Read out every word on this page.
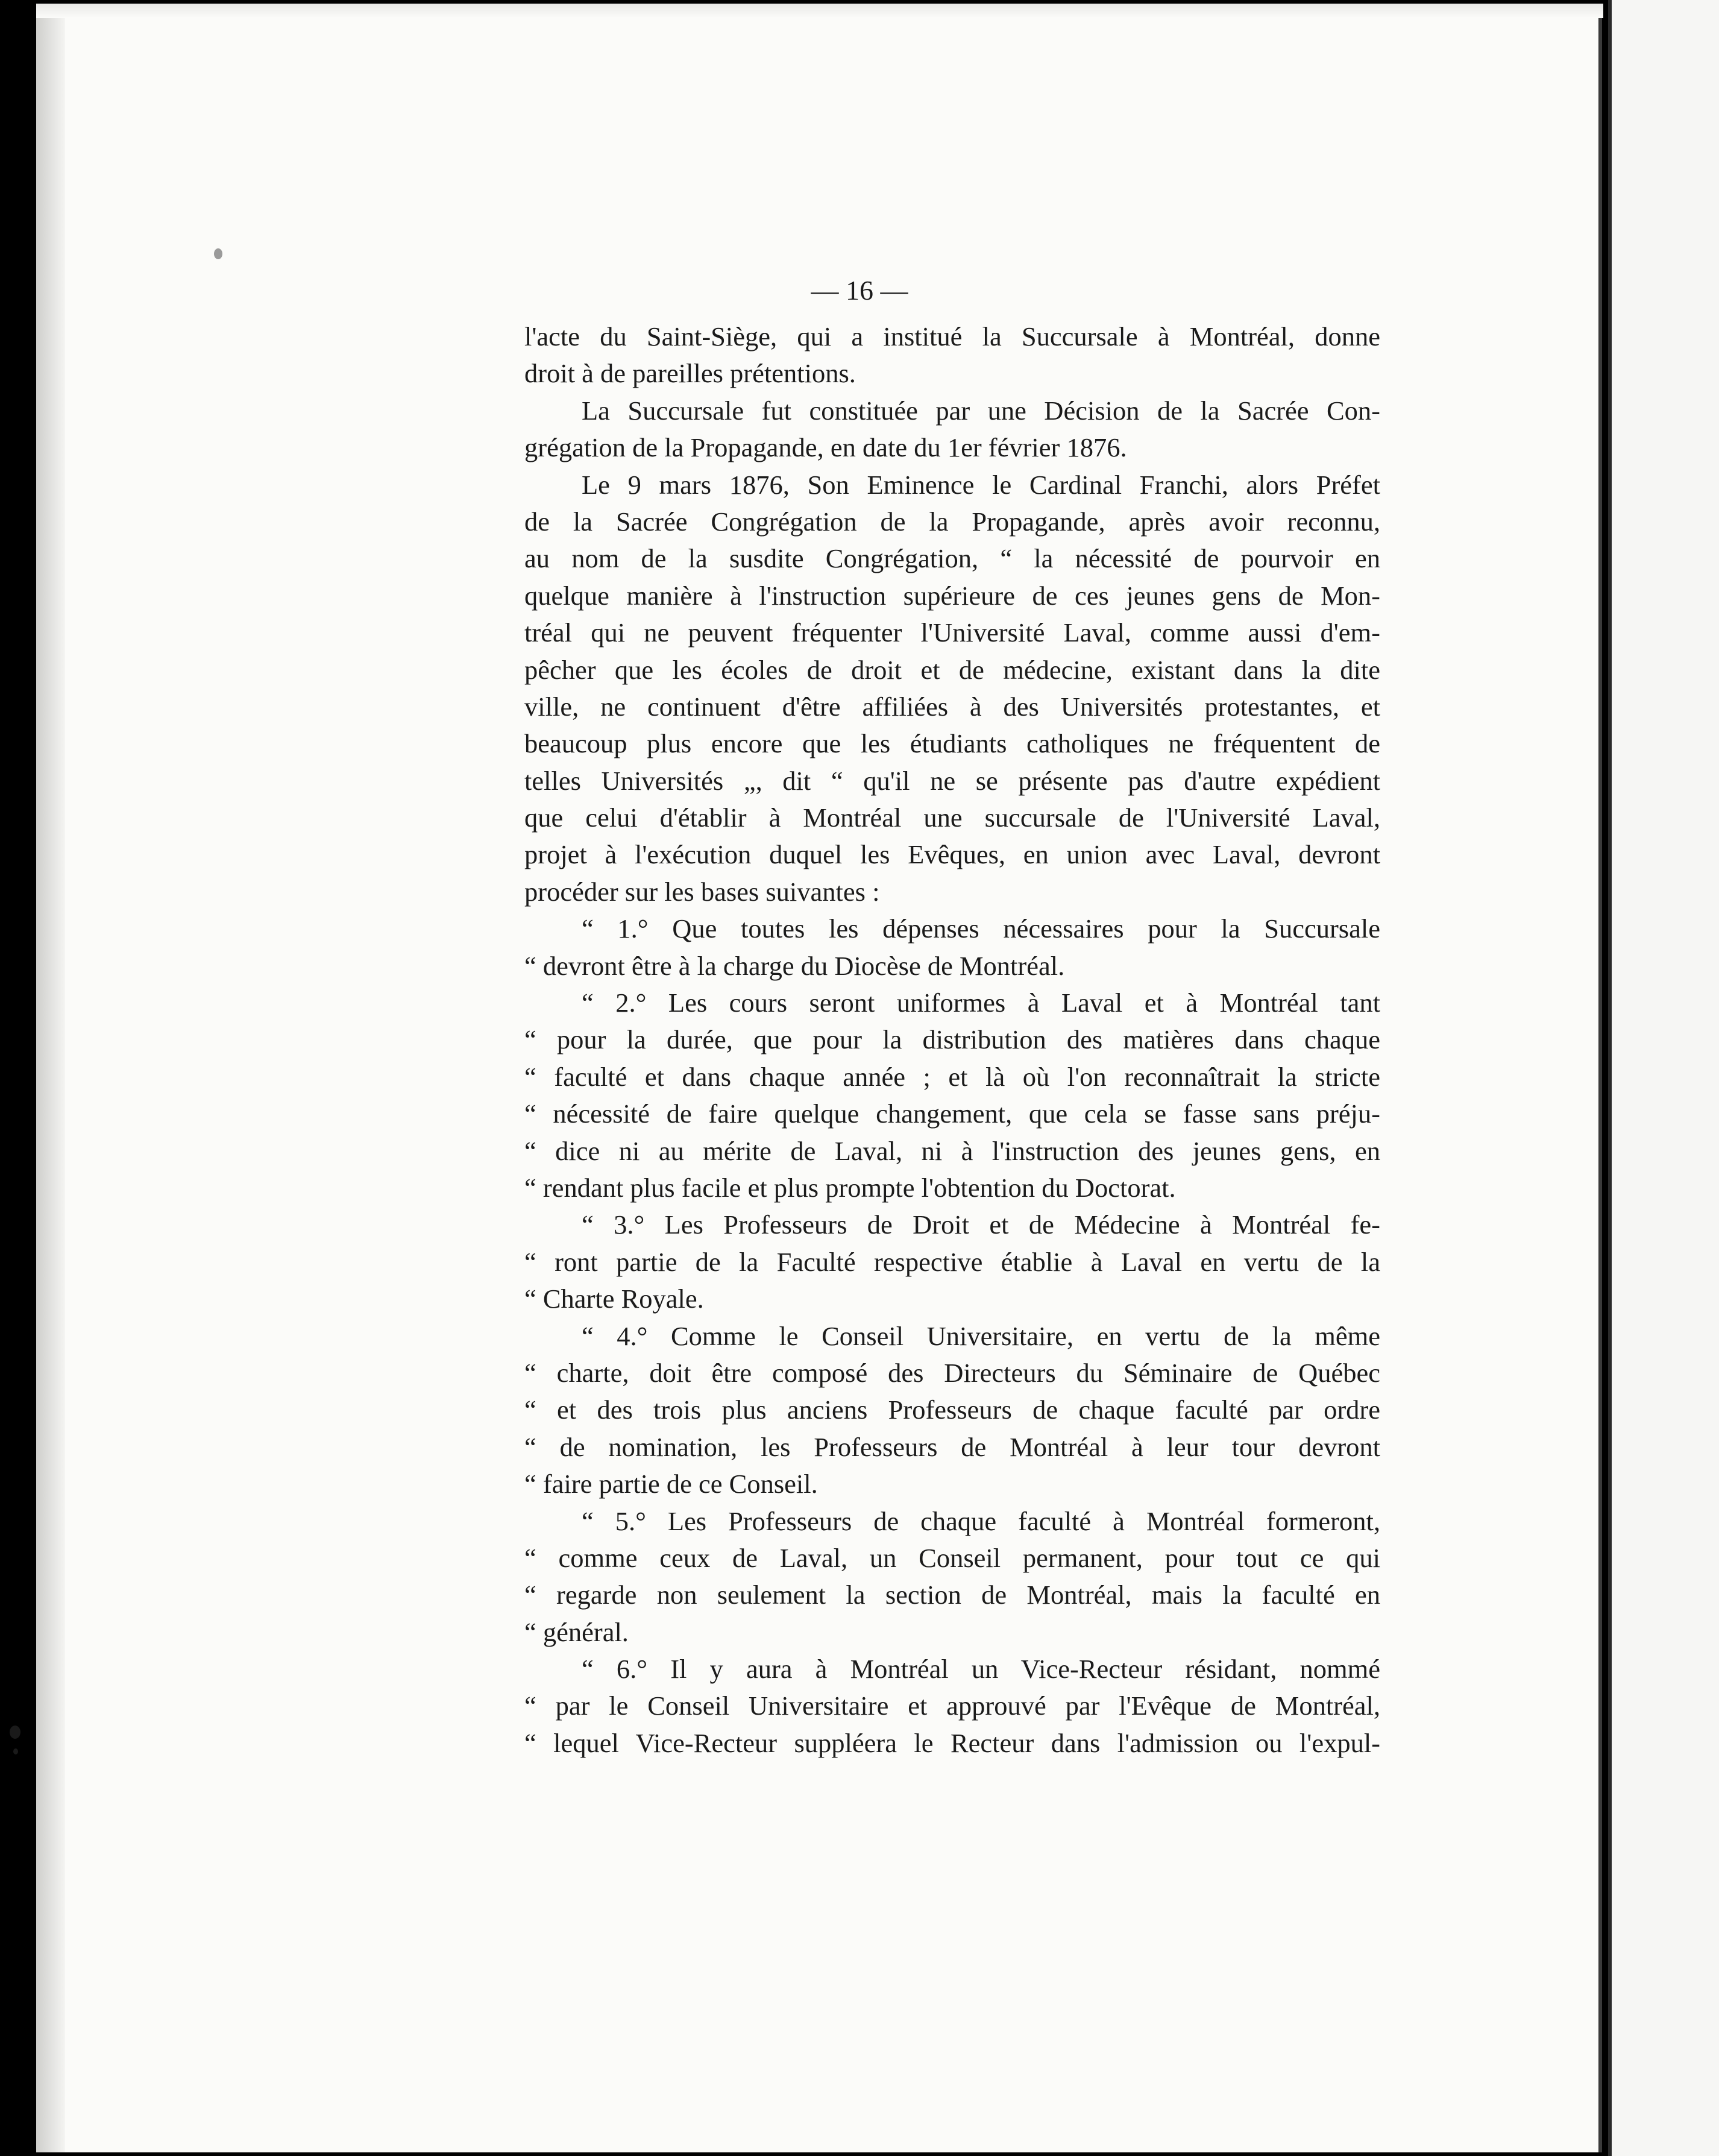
— 16 —
l'acte du Saint-Siège, qui a institué la Succursale à Montréal, donne
droit à de pareilles prétentions.
La Succursale fut constituée par une Décision de la Sacrée Con-
grégation de la Propagande, en date du 1er février 1876.
Le 9 mars 1876, Son Eminence le Cardinal Franchi, alors Préfet
de la Sacrée Congrégation de la Propagande, après avoir reconnu,
au nom de la susdite Congrégation, “ la nécessité de pourvoir en
quelque manière à l'instruction supérieure de ces jeunes gens de Mon-
tréal qui ne peuvent fréquenter l'Université Laval, comme aussi d'em-
pêcher que les écoles de droit et de médecine, existant dans la dite
ville, ne continuent d'être affiliées à des Universités protestantes, et
beaucoup plus encore que les étudiants catholiques ne fréquentent de
telles Universités „, dit “ qu'il ne se présente pas d'autre expédient
que celui d'établir à Montréal une succursale de l'Université Laval,
projet à l'exécution duquel les Evêques, en union avec Laval, devront
procéder sur les bases suivantes :
“ 1.° Que toutes les dépenses nécessaires pour la Succursale
“ devront être à la charge du Diocèse de Montréal.
“ 2.° Les cours seront uniformes à Laval et à Montréal tant
“ pour la durée, que pour la distribution des matières dans chaque
“ faculté et dans chaque année ; et là où l'on reconnaîtrait la stricte
“ nécessité de faire quelque changement, que cela se fasse sans préju-
“ dice ni au mérite de Laval, ni à l'instruction des jeunes gens, en
“ rendant plus facile et plus prompte l'obtention du Doctorat.
“ 3.° Les Professeurs de Droit et de Médecine à Montréal fe-
“ ront partie de la Faculté respective établie à Laval en vertu de la
“ Charte Royale.
“ 4.° Comme le Conseil Universitaire, en vertu de la même
“ charte, doit être composé des Directeurs du Séminaire de Québec
“ et des trois plus anciens Professeurs de chaque faculté par ordre
“ de nomination, les Professeurs de Montréal à leur tour devront
“ faire partie de ce Conseil.
“ 5.° Les Professeurs de chaque faculté à Montréal formeront,
“ comme ceux de Laval, un Conseil permanent, pour tout ce qui
“ regarde non seulement la section de Montréal, mais la faculté en
“ général.
“ 6.° Il y aura à Montréal un Vice-Recteur résidant, nommé
“ par le Conseil Universitaire et approuvé par l'Evêque de Montréal,
“ lequel Vice-Recteur suppléera le Recteur dans l'admission ou l'expul-
